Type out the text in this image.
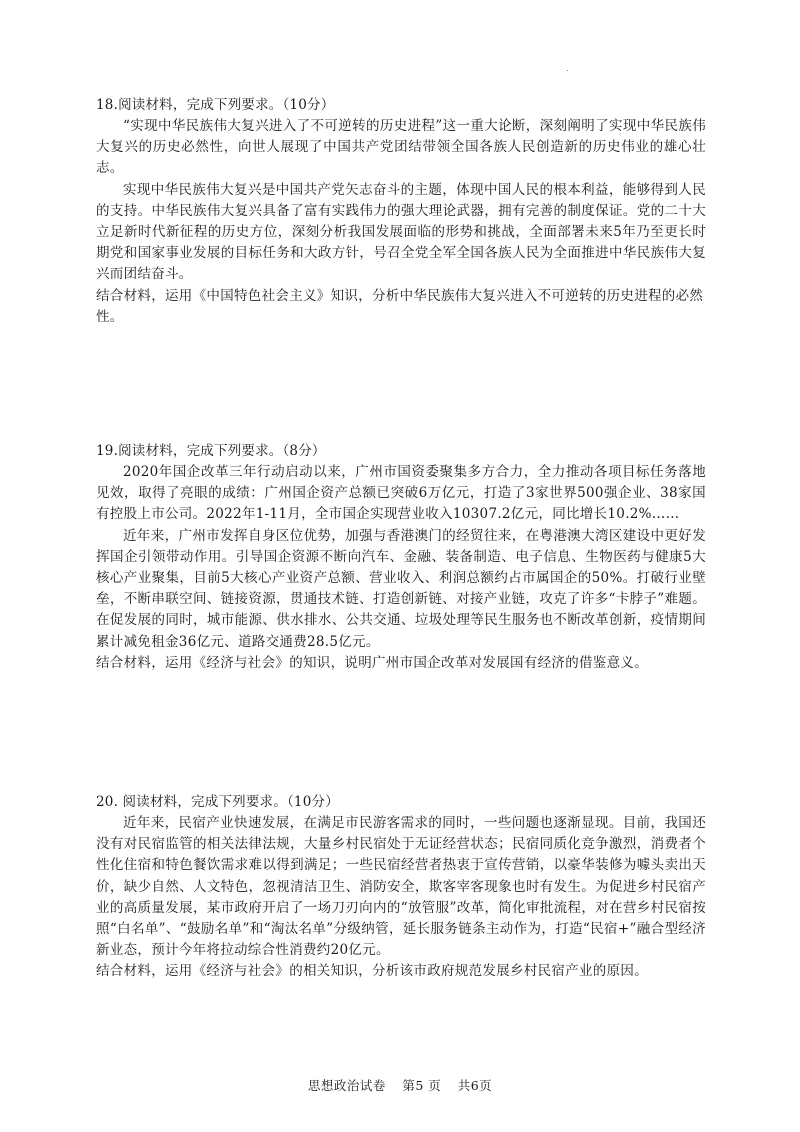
.

18.阅读材料，完成下列要求。（10分）

“实现中华民族伟大复兴进入了不可逆转的历史进程”这一重大论断，深刻阐明了实现中华民族伟大复兴的历史必然性，向世人展现了中国共产党团结带领全国各族人民创造新的历史伟业的雄心壮志。

实现中华民族伟大复兴是中国共产党矢志奋斗的主题，体现中国人民的根本利益，能够得到人民的支持。中华民族伟大复兴具备了富有实践伟力的强大理论武器，拥有完善的制度保证。党的二十大立足新时代新征程的历史方位，深刻分析我国发展面临的形势和挑战，全面部署未来5年乃至更长时期党和国家事业发展的目标任务和大政方针，号召全党全军全国各族人民为全面推进中华民族伟大复兴而团结奋斗。

结合材料，运用《中国特色社会主义》知识，分析中华民族伟大复兴进入不可逆转的历史进程的必然性。

19.阅读材料，完成下列要求。（8分）

2020年国企改革三年行动启动以来，广州市国资委聚集多方合力，全力推动各项目标任务落地见效，取得了亮眼的成绩：广州国企资产总额已突破6万亿元，打造了3家世界500强企业、38家国有控股上市公司。2022年1-11月，全市国企实现营业收入10307.2亿元，同比增长10.2%……

近年来，广州市发挥自身区位优势，加强与香港澳门的经贸往来，在粤港澳大湾区建设中更好发挥国企引领带动作用。引导国企资源不断向汽车、金融、装备制造、电子信息、生物医药与健康5大核心产业聚集，目前5大核心产业资产总额、营业收入、利润总额约占市属国企的50%。打破行业壁垒，不断串联空间、链接资源，贯通技术链、打造创新链、对接产业链，攻克了许多“卡脖子”难题。在促发展的同时，城市能源、供水排水、公共交通、垃圾处理等民生服务也不断改革创新，疫情期间累计减免租金36亿元、道路交通费28.5亿元。

结合材料，运用《经济与社会》的知识，说明广州市国企改革对发展国有经济的借鉴意义。

20. 阅读材料，完成下列要求。（10分）

近年来，民宿产业快速发展，在满足市民游客需求的同时，一些问题也逐渐显现。目前，我国还没有对民宿监管的相关法律法规，大量乡村民宿处于无证经营状态；民宿同质化竞争激烈，消费者个性化住宿和特色餐饮需求难以得到满足；一些民宿经营者热衷于宣传营销，以豪华装修为噱头卖出天价，缺少自然、人文特色，忽视清洁卫生、消防安全，欺客宰客现象也时有发生。为促进乡村民宿产业的高质量发展，某市政府开启了一场刀刃向内的“放管服”改革，简化审批流程，对在营乡村民宿按照“白名单”、“鼓励名单”和“淘汰名单”分级纳管，延长服务链条主动作为，打造“民宿+”融合型经济新业态，预计今年将拉动综合性消费约20亿元。

结合材料，运用《经济与社会》的相关知识，分析该市政府规范发展乡村民宿产业的原因。

思想政治试卷 第5 页 共6页
